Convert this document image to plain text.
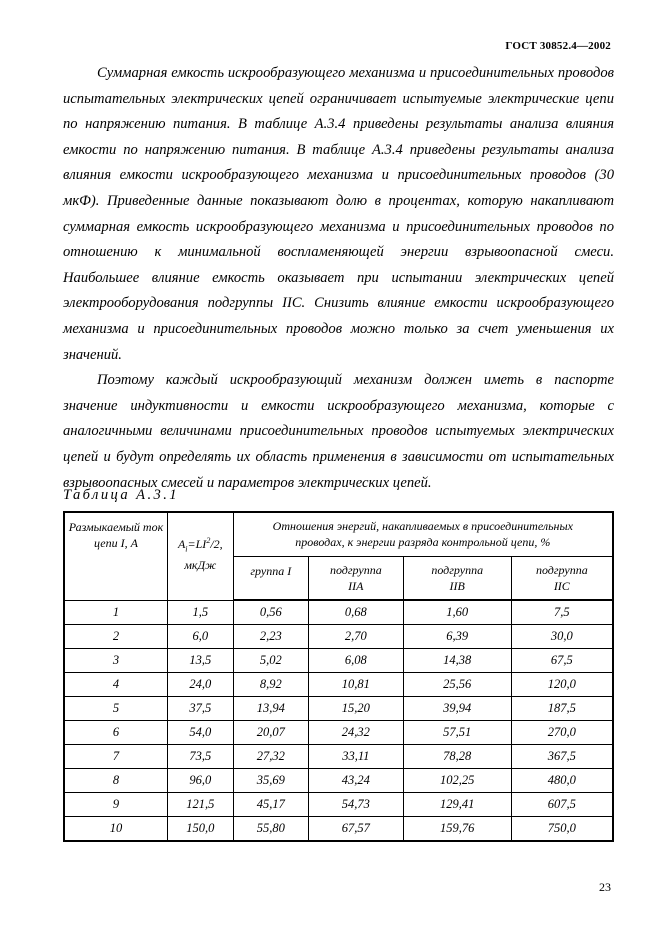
ГОСТ 30852.4—2002

Суммарная емкость искрообразующего механизма и присоединительных проводов испытательных электрических цепей ограничивает испытуемые электрические цепи по напряжению питания. В таблице А.3.4 приведены результаты анализа влияния емкости по напряжению питания. В таблице А.3.4 приведены результаты анализа влияния емкости искрообразующего механизма и присоединительных проводов (30 мкФ). Приведенные данные показывают долю в процентах, которую накапливают суммарная емкость искрообразующего механизма и присоединительных проводов по отношению к минимальной воспламеняющей энергии взрывоопасной смеси. Наибольшее влияние емкость оказывает при испытании электрических цепей электрооборудования подгруппы IIC. Снизить влияние емкости искрообразующего механизма и присоединительных проводов можно только за счет уменьшения их значений.

Поэтому каждый искрообразующий механизм должен иметь в паспорте значение индуктивности и емкости искрообразующего механизма, которые с аналогичными величинами присоединительных проводов испытуемых электрических цепей и будут определять их область применения в зависимости от испытательных взрывоопасных смесей и параметров электрических цепей.

Таблица А.3.1
Размыкаемый ток цепи I, А	$A_i=LI^2/2$, мкДж	Отношения энергий, накапливаемых в присоединительных проводах, к энергии разряда контрольной цепи, %			
		группа I	подгруппа IIA	подгруппа IIB	подгруппа IIC
1	1,5	0,56	0,68	1,60	7,5
2	6,0	2,23	2,70	6,39	30,0
3	13,5	5,02	6,08	14,38	67,5
4	24,0	8,92	10,81	25,56	120,0
5	37,5	13,94	15,20	39,94	187,5
6	54,0	20,07	24,32	57,51	270,0
7	73,5	27,32	33,11	78,28	367,5
8	96,0	35,69	43,24	102,25	480,0
9	121,5	45,17	54,73	129,41	607,5
10	150,0	55,80	67,57	159,76	750,0
23
